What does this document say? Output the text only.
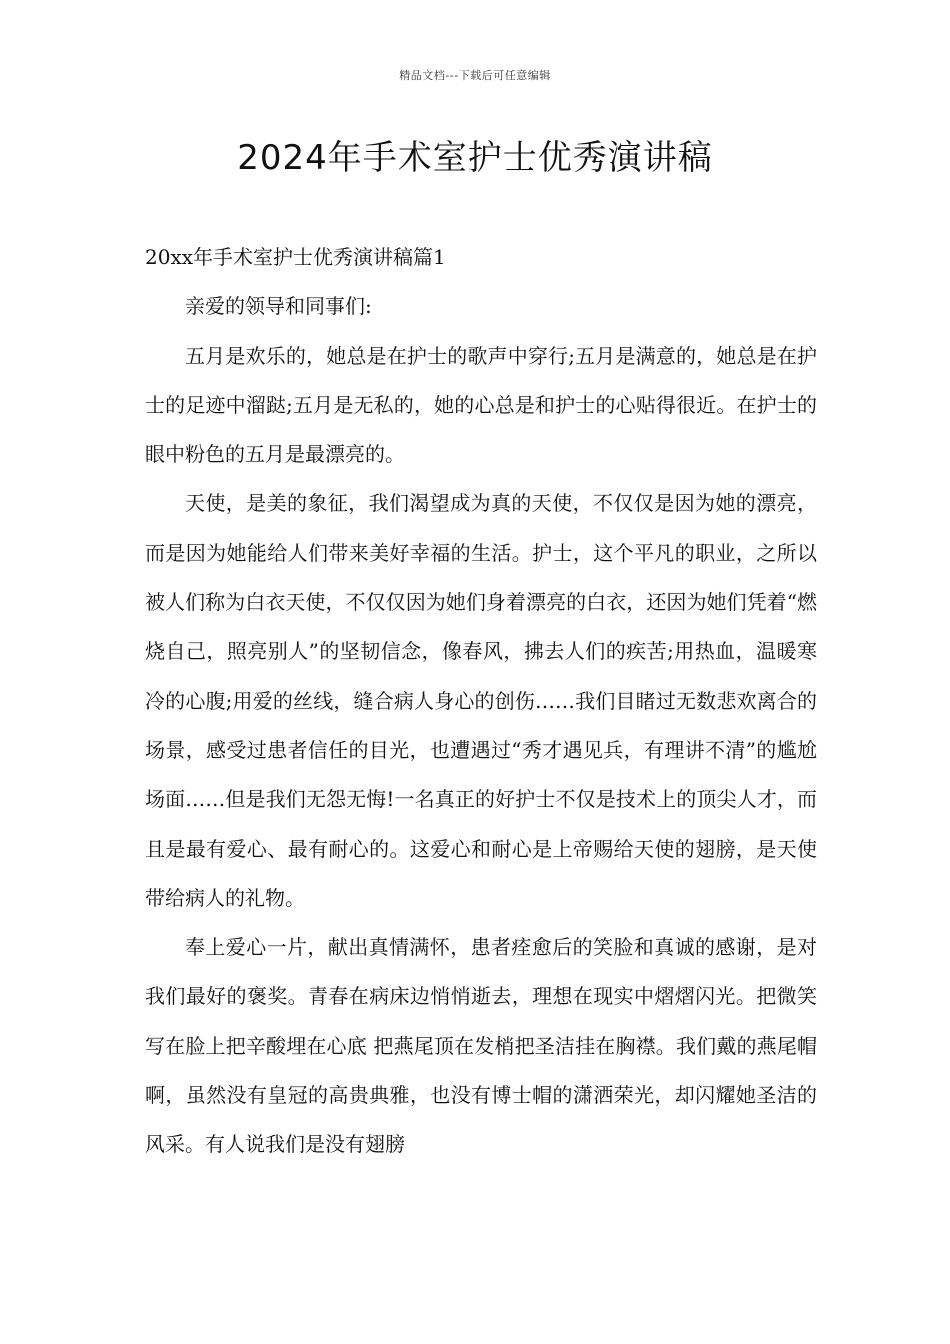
精品文档---下载后可任意编辑
2024年手术室护士优秀演讲稿

20xx年手术室护士优秀演讲稿篇1

亲爱的领导和同事们:

五月是欢乐的，她总是在护士的歌声中穿行;五月是满意的，她总是在护士的足迹中溜跶;五月是无私的，她的心总是和护士的心贴得很近。在护士的眼中粉色的五月是最漂亮的。

天使，是美的象征，我们渴望成为真的天使，不仅仅是因为她的漂亮，而是因为她能给人们带来美好幸福的生活。护士，这个平凡的职业，之所以被人们称为白衣天使，不仅仅因为她们身着漂亮的白衣，还因为她们凭着“燃烧自己，照亮别人”的坚韧信念，像春风，拂去人们的疾苦;用热血，温暖寒冷的心腹;用爱的丝线，缝合病人身心的创伤……我们目睹过无数悲欢离合的场景，感受过患者信任的目光，也遭遇过“秀才遇见兵，有理讲不清”的尴尬场面……但是我们无怨无悔!一名真正的好护士不仅是技术上的顶尖人才，而且是最有爱心、最有耐心的。这爱心和耐心是上帝赐给天使的翅膀，是天使带给病人的礼物。

奉上爱心一片，献出真情满怀，患者痊愈后的笑脸和真诚的感谢，是对我们最好的褒奖。青春在病床边悄悄逝去，理想在现实中熠熠闪光。把微笑写在脸上把辛酸埋在心底 把燕尾顶在发梢把圣洁挂在胸襟。我们戴的燕尾帽啊，虽然没有皇冠的高贵典雅，也没有博士帽的潇洒荣光，却闪耀她圣洁的风采。有人说我们是没有翅膀
